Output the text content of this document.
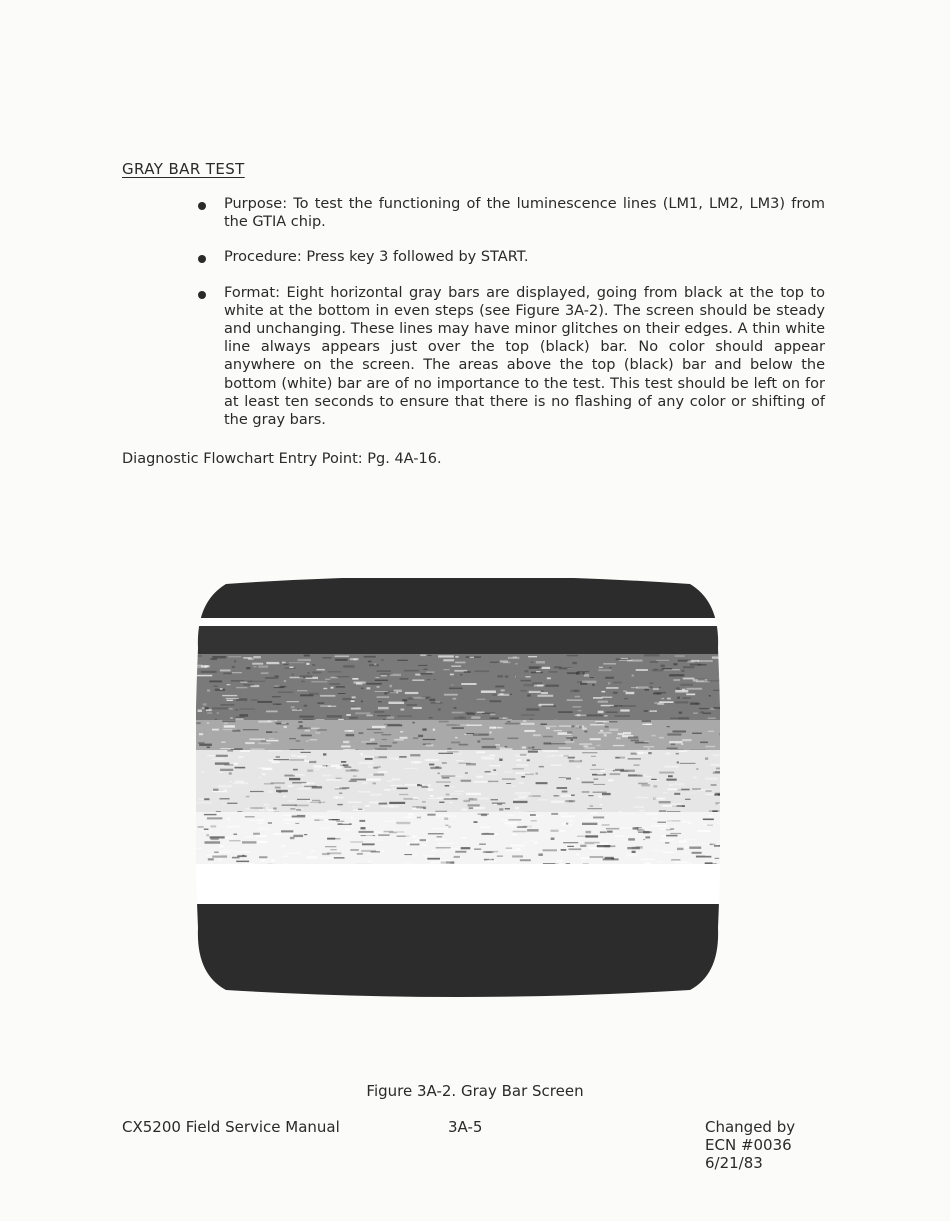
GRAY BAR TEST
Purpose: To test the functioning of the luminescence lines (LM1, LM2, LM3) from the GTIA chip.
Procedure: Press key 3 followed by START.
Format: Eight horizontal gray bars are displayed, going from black at the top to white at the bottom in even steps (see Figure 3A-2). The screen should be steady and unchanging. These lines may have minor glitches on their edges. A thin white line always appears just over the top (black) bar. No color should appear anywhere on the screen. The areas above the top (black) bar and below the bottom (white) bar are of no importance to the test. This test should be left on for at least ten seconds to ensure that there is no flashing of any color or shifting of the gray bars.
Diagnostic Flowchart Entry Point: Pg. 4A-16.
Figure 3A-2. Gray Bar Screen
CX5200 Field Service Manual	3A-5	Changed by
ECN #0036
6/21/83
